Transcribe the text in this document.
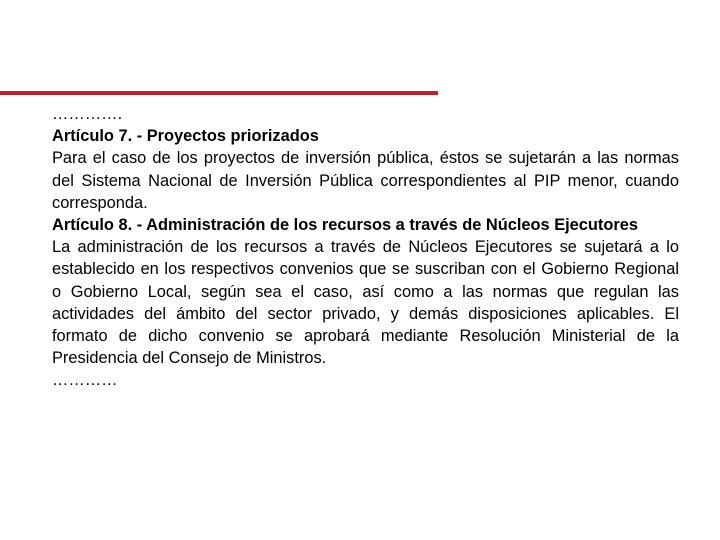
………….

Artículo 7. - Proyectos priorizados

Para el caso de los proyectos de inversión pública, éstos se sujetarán a las normas del Sistema Nacional de Inversión Pública correspondientes al PIP menor, cuando corresponda.

Artículo 8. - Administración de los recursos a través de Núcleos Ejecutores

La administración de los recursos a través de Núcleos Ejecutores se sujetará a lo establecido en los respectivos convenios que se suscriban con el Gobierno Regional o Gobierno Local, según sea el caso, así como a las normas que regulan las actividades del ámbito del sector privado, y demás disposiciones aplicables. El formato de dicho convenio se aprobará mediante Resolución Ministerial de la Presidencia del Consejo de Ministros.

…………
